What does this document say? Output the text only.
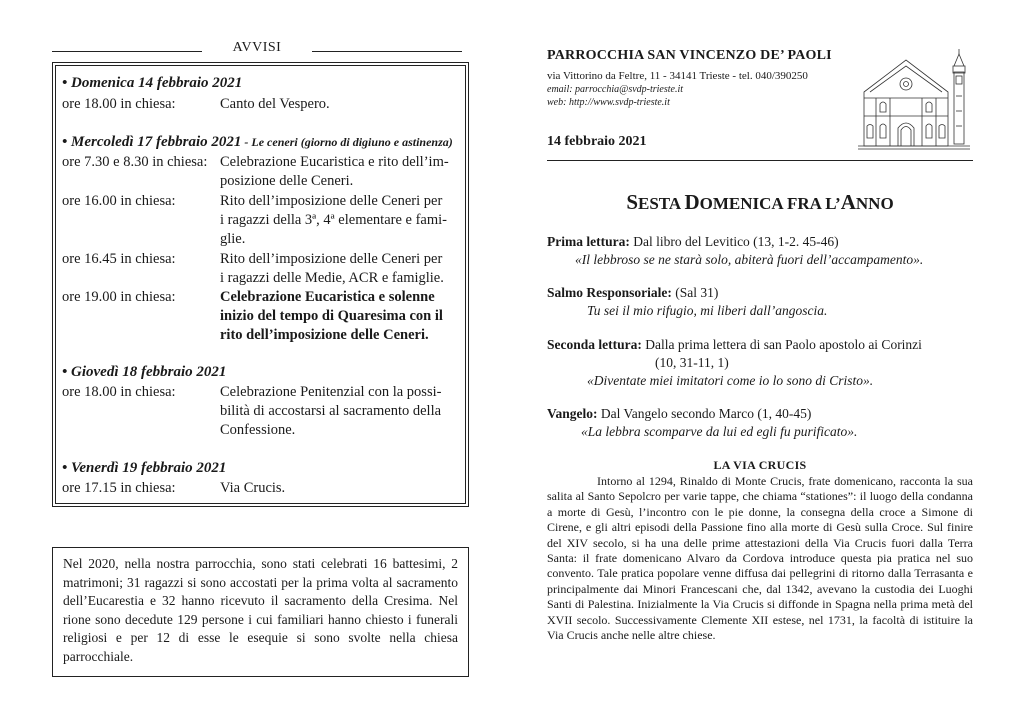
AVVISI
• Domenica 14 febbraio 2021
ore 18.00 in chiesa:	Canto del Vespero.
• Mercoledì 17 febbraio 2021 - Le ceneri (giorno di digiuno e astinenza)
ore 7.30 e 8.30 in chiesa: Celebrazione Eucaristica e rito dell’im-

posizione delle Ceneri.

ore 16.00 in chiesa:	Rito dell’imposizione delle Ceneri per

i ragazzi della 3ª, 4ª elementare e fami-

glie.

ore 16.45 in chiesa:	Rito dell’imposizione delle Ceneri per

i ragazzi delle Medie, ACR e famiglie.

ore 19.00 in chiesa:	Celebrazione Eucaristica e solenne

inizio del tempo di Quaresima con il

rito dell’imposizione delle Ceneri.

• Giovedì 18 febbraio 2021
ore 18.00 in chiesa:	Celebrazione Penitenzial con la possi-

bilità di accostarsi al sacramento della

Confessione.

• Venerdì 19 febbraio 2021
ore 17.15 in chiesa:	Via Crucis.
Nel 2020, nella nostra parrocchia, sono stati celebrati 16 battesimi, 2 matrimoni; 31 ragazzi si sono accostati per la prima volta al sacramento dell’Eucarestia e 32 hanno ricevuto il sacramento della Cresima. Nel rione sono decedute 129 persone i cui familiari hanno chiesto i funerali religiosi e per 12 di esse le esequie si sono svolte nella chiesa parrocchiale.
PARROCCHIA SAN VINCENZO DE’ PAOLI
via Vittorino da Feltre, 11 - 34141 Trieste - tel. 040/390250
email: parrocchia@svdp-trieste.it
web: http://www.svdp-trieste.it
14 febbraio 2021
SESTA DOMENICA FRA L’ANNO
Prima lettura: Dal libro del Levitico (13, 1-2. 45-46)
«Il lebbroso se ne starà solo, abiterà fuori dell’accampamento».
Salmo Responsoriale: (Sal 31)
Tu sei il mio rifugio, mi liberi dall’angoscia.
Seconda lettura: Dalla prima lettera di san Paolo apostolo ai Corinzi
(10, 31-11, 1)
«Diventate miei imitatori come io lo sono di Cristo».
Vangelo: Dal Vangelo secondo Marco (1, 40-45)
«La lebbra scomparve da lui ed egli fu purificato».
LA VIA CRUCIS
Intorno al 1294, Rinaldo di Monte Crucis, frate domenicano, racconta la sua salita al Santo Sepolcro per varie tappe, che chiama “stationes”: il luogo della condanna a morte di Gesù, l’incontro con le pie donne, la consegna della croce a Simone di Cirene, e gli altri episodi della Passione fino alla morte di Gesù sulla Croce. Sul finire del XIV secolo, si ha una delle prime attestazioni della Via Crucis fuori dalla Terra Santa: il frate domenicano Alvaro da Cordova introduce questa pia pratica nel suo convento. Tale pratica popolare venne diffusa dai pellegrini di ritorno dalla Terrasanta e principalmente dai Minori Francescani che, dal 1342, avevano la custodia dei Luoghi Santi di Palestina. Inizialmente la Via Crucis si diffonde in Spagna nella prima metà del XVII secolo. Successivamente Clemente XII estese, nel 1731, la facoltà di istituire la Via Crucis anche nelle altre chiese.
